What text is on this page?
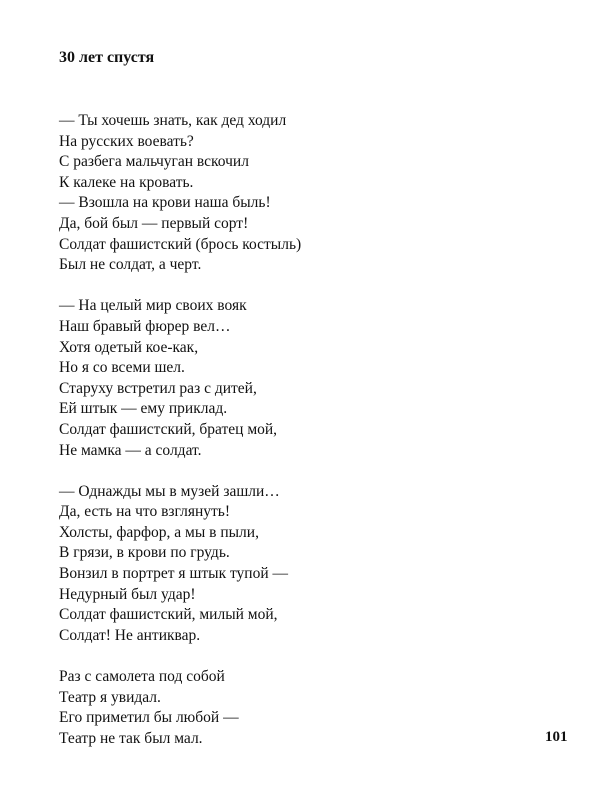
30 лет спустя
— Ты хочешь знать, как дед ходил
На русских воевать?
С разбега мальчуган вскочил
К калеке на кровать.
— Взошла на крови наша быль!
Да, бой был — первый сорт!
Солдат фашистский (брось костыль)
Был не солдат, а черт.
— На целый мир своих вояк
Наш бравый фюрер вел…
Хотя одетый кое-как,
Но я со всеми шел.
Старуху встретил раз с дитей,
Ей штык — ему приклад.
Солдат фашистский, братец мой,
Не мамка — а солдат.
— Однажды мы в музей зашли…
Да, есть на что взглянуть!
Холсты, фарфор, а мы в пыли,
В грязи, в крови по грудь.
Вонзил в портрет я штык тупой —
Недурный был удар!
Солдат фашистский, милый мой,
Солдат! Не антиквар.
Раз с самолета под собой
Театр я увидал.
Его приметил бы любой —
Театр не так был мал.	101
